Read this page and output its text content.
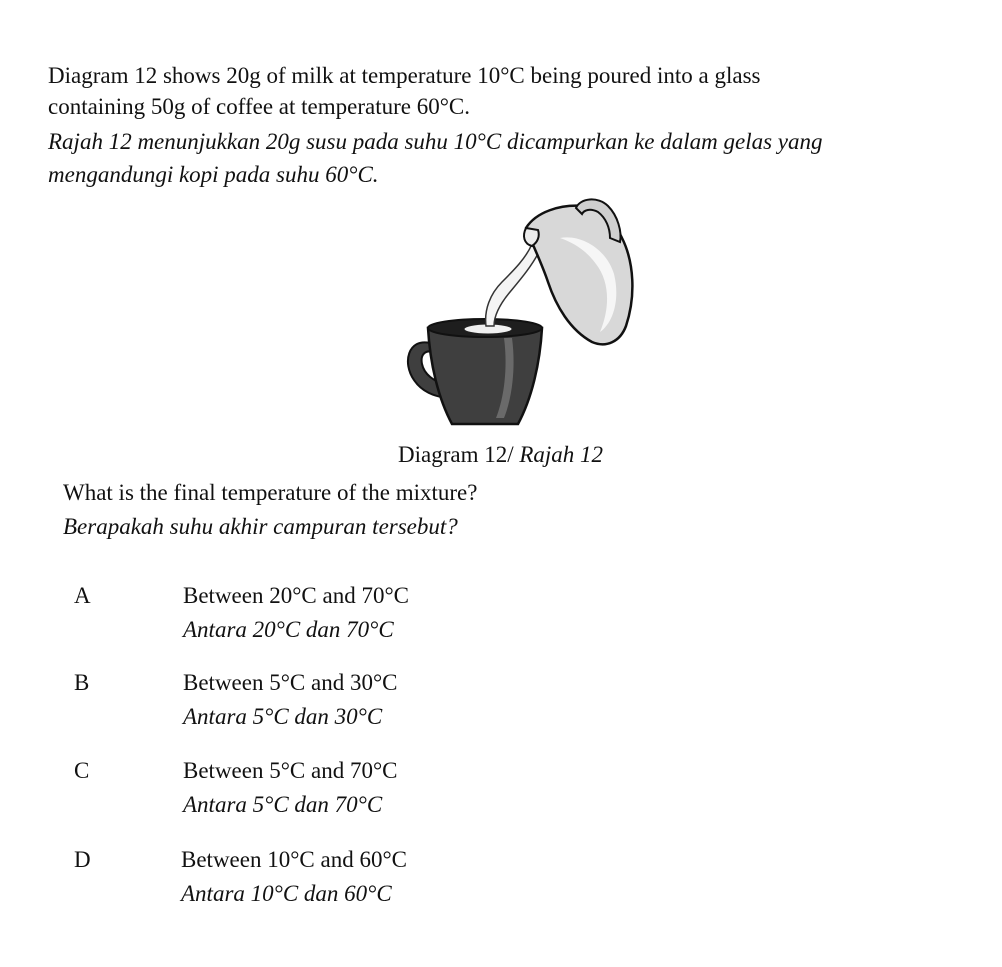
Diagram 12 shows 20g of milk at temperature 10°C being poured into a glass
containing 50g of coffee at temperature 60°C.
Rajah 12 menunjukkan 20g susu pada suhu 10°C dicampurkan ke dalam gelas yang
mengandungi kopi pada suhu 60°C.
Diagram 12/ Rajah 12
What is the final temperature of the mixture?
Berapakah suhu akhir campuran tersebut?
A	Between 20°C and 70°C
Antara 20°C dan 70°C
B	Between 5°C and 30°C
Antara 5°C dan 30°C
C	Between 5°C and 70°C
Antara 5°C dan 70°C
D	Between 10°C and 60°C
Antara 10°C dan 60°C
